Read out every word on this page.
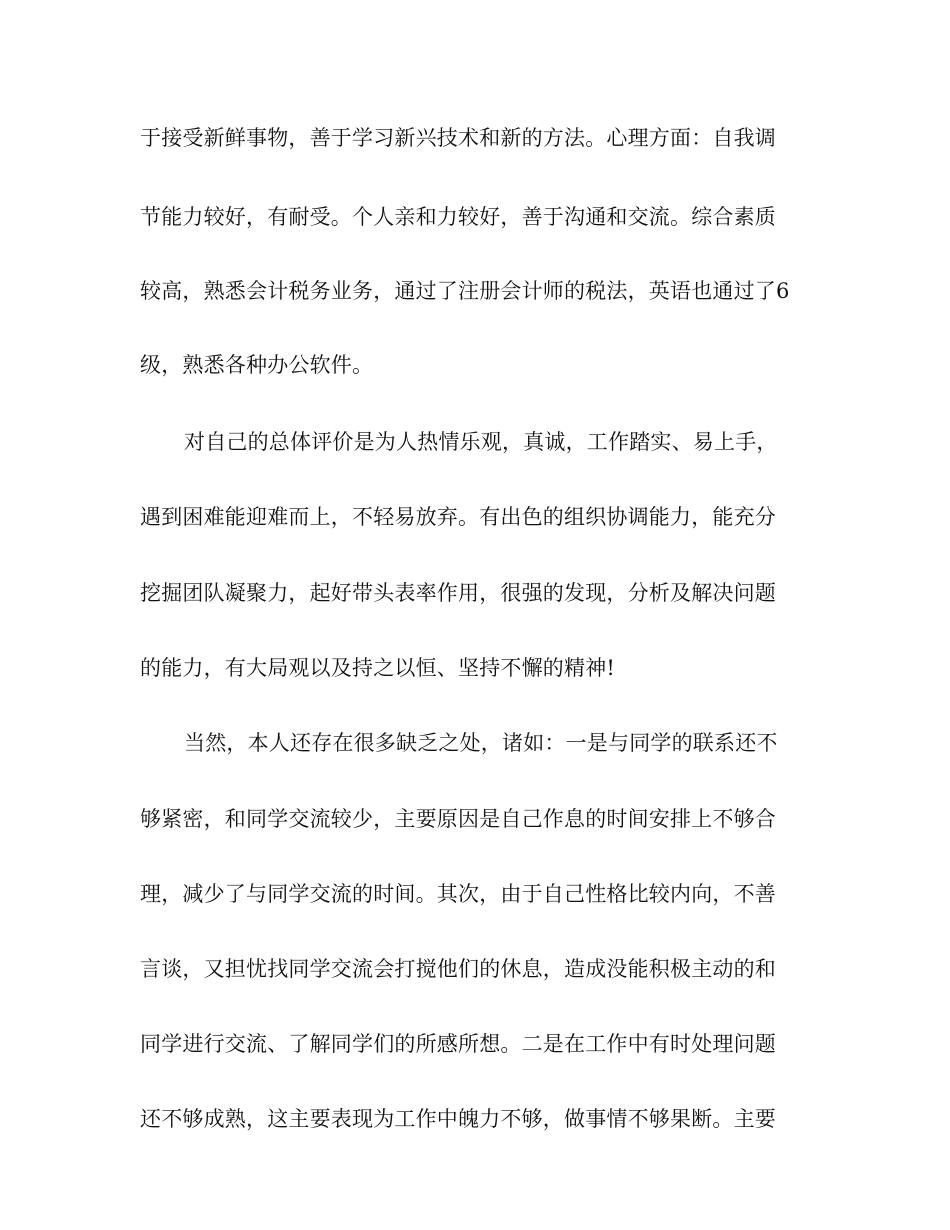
于接受新鲜事物，善于学习新兴技术和新的方法。心理方面：自我调
节能力较好，有耐受。个人亲和力较好，善于沟通和交流。综合素质
较高，熟悉会计税务业务，通过了注册会计师的税法，英语也通过了6
级，熟悉各种办公软件。
对自己的总体评价是为人热情乐观，真诚，工作踏实、易上手，
遇到困难能迎难而上，不轻易放弃。有出色的组织协调能力，能充分
挖掘团队凝聚力，起好带头表率作用，很强的发现，分析及解决问题
的能力，有大局观以及持之以恒、坚持不懈的精神!
当然，本人还存在很多缺乏之处，诸如：一是与同学的联系还不
够紧密，和同学交流较少，主要原因是自己作息的时间安排上不够合
理，减少了与同学交流的时间。其次，由于自己性格比较内向，不善
言谈，又担忧找同学交流会打搅他们的休息，造成没能积极主动的和
同学进行交流、了解同学们的所感所想。二是在工作中有时处理问题
还不够成熟，这主要表现为工作中魄力不够，做事情不够果断。主要
